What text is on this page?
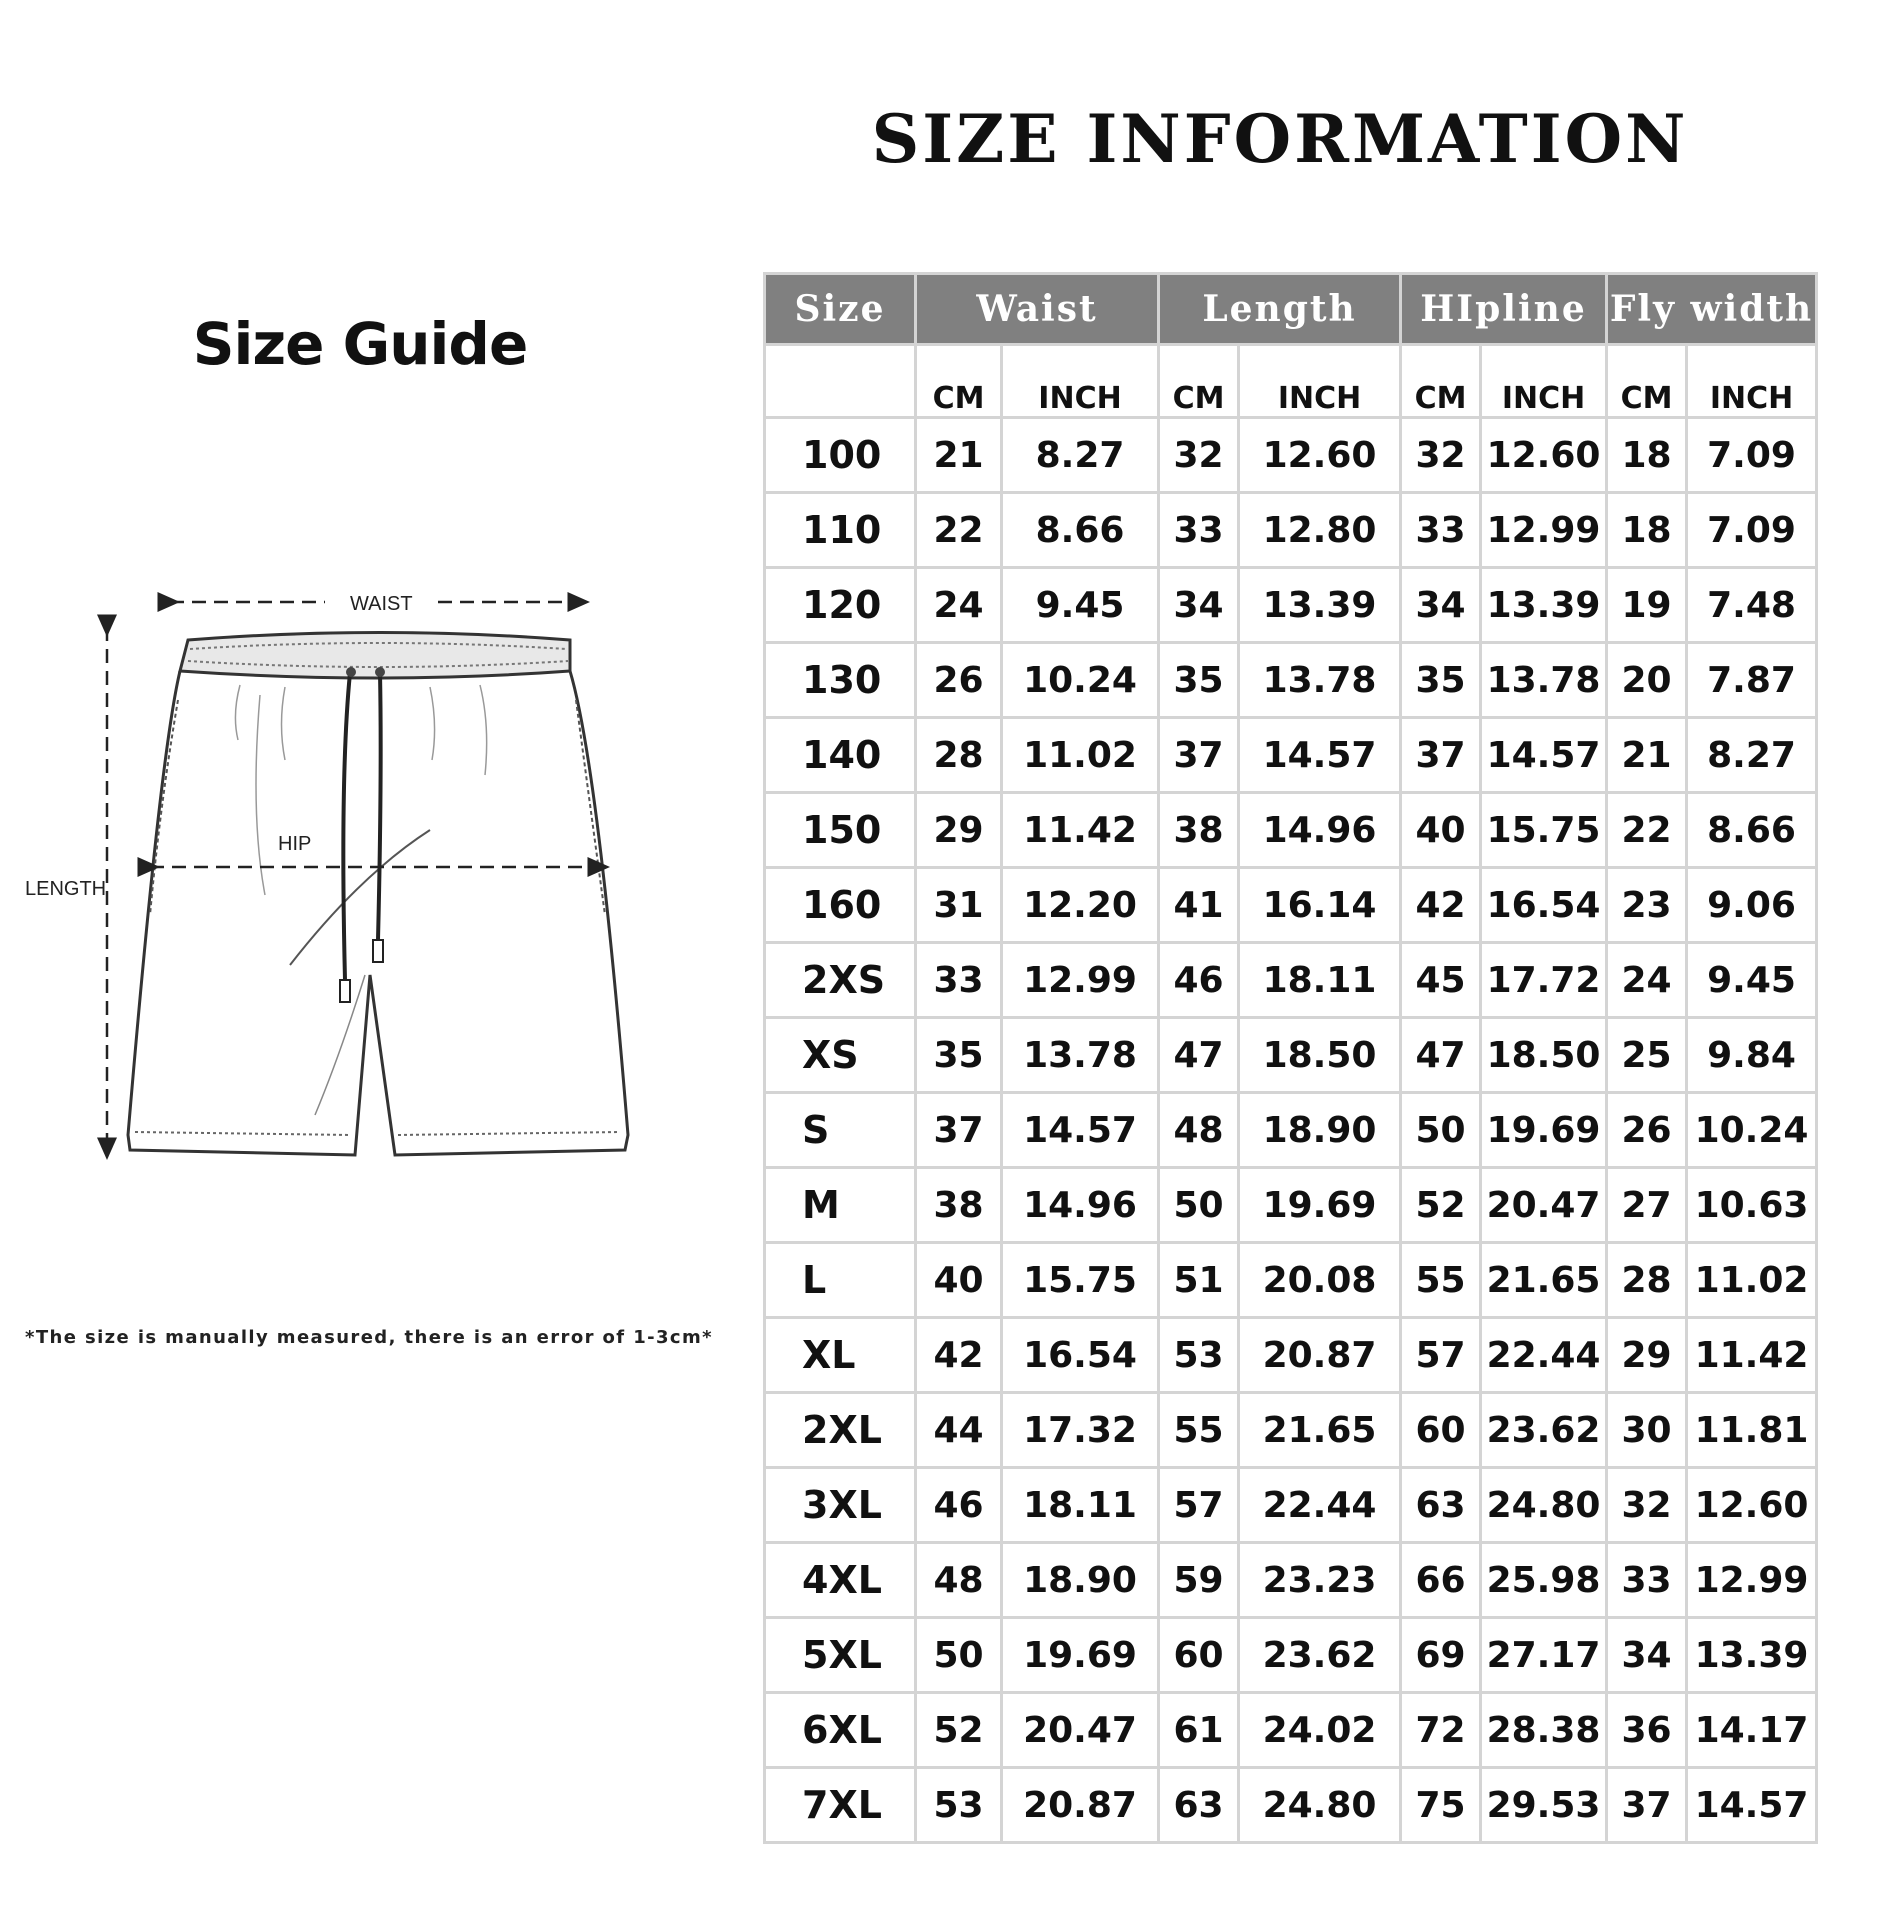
SIZE INFORMATION
Size Guide
WAIST
LENGTH
HIP
*The size is manually measured, there is an error of 1-3cm*
Size	Waist		Length		HIpline		Fly width	
	CM	INCH	CM	INCH	CM	INCH	CM	INCH
100	21	8.27	32	12.60	32	12.60	18	7.09
110	22	8.66	33	12.80	33	12.99	18	7.09
120	24	9.45	34	13.39	34	13.39	19	7.48
130	26	10.24	35	13.78	35	13.78	20	7.87
140	28	11.02	37	14.57	37	14.57	21	8.27
150	29	11.42	38	14.96	40	15.75	22	8.66
160	31	12.20	41	16.14	42	16.54	23	9.06
2XS	33	12.99	46	18.11	45	17.72	24	9.45
XS	35	13.78	47	18.50	47	18.50	25	9.84
S	37	14.57	48	18.90	50	19.69	26	10.24
M	38	14.96	50	19.69	52	20.47	27	10.63
L	40	15.75	51	20.08	55	21.65	28	11.02
XL	42	16.54	53	20.87	57	22.44	29	11.42
2XL	44	17.32	55	21.65	60	23.62	30	11.81
3XL	46	18.11	57	22.44	63	24.80	32	12.60
4XL	48	18.90	59	23.23	66	25.98	33	12.99
5XL	50	19.69	60	23.62	69	27.17	34	13.39
6XL	52	20.47	61	24.02	72	28.38	36	14.17
7XL	53	20.87	63	24.80	75	29.53	37	14.57
